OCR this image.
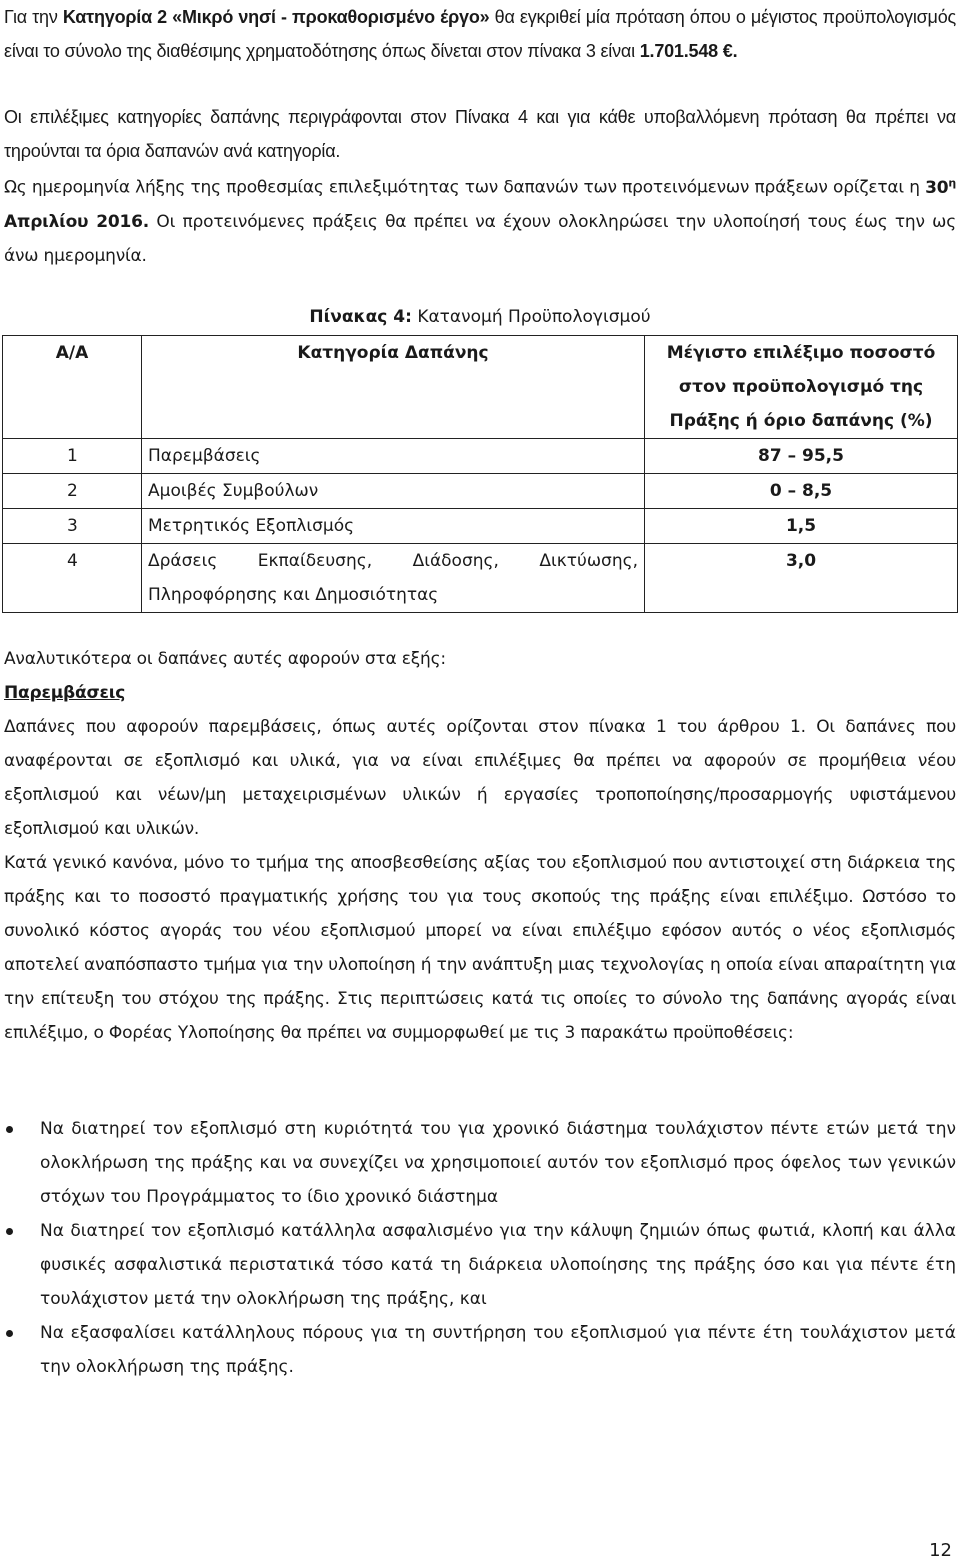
Για την Κατηγορία 2 «Μικρό νησί - προκαθορισμένο έργο» θα εγκριθεί μία πρόταση όπου ο μέγιστος προϋπολογισμός είναι το σύνολο της διαθέσιμης χρηματοδότησης όπως δίνεται στον πίνακα 3 είναι 1.701.548 €.
Οι επιλέξιμες κατηγορίες δαπάνης περιγράφονται στον Πίνακα 4 και για κάθε υποβαλλόμενη πρόταση θα πρέπει να τηρούνται τα όρια δαπανών ανά κατηγορία.
Ως ημερομηνία λήξης της προθεσμίας επιλεξιμότητας των δαπανών των προτεινόμενων πράξεων ορίζεται η $30^\eta$ Απριλίου 2016. Οι προτεινόμενες πράξεις θα πρέπει να έχουν ολοκληρώσει την υλοποίησή τους έως την ως άνω ημερομηνία.
Πίνακας 4: Κατανομή Προϋπολογισμού
Α/Α	Κατηγορία Δαπάνης	Μέγιστο επιλέξιμο ποσοστό στον προϋπολογισμό της Πράξης ή όριο δαπάνης (%)
1	Παρεμβάσεις	87 – 95,5
2	Αμοιβές Συμβούλων	0 – 8,5
3	Μετρητικός Εξοπλισμός	1,5
4	Δράσεις Εκπαίδευσης, Διάδοσης, Δικτύωσης, Πληροφόρησης και Δημοσιότητας	3,0
Αναλυτικότερα οι δαπάνες αυτές αφορούν στα εξής:
Παρεμβάσεις
Δαπάνες που αφορούν παρεμβάσεις, όπως αυτές ορίζονται στον πίνακα 1 του άρθρου 1. Οι δαπάνες που αναφέρονται σε εξοπλισμό και υλικά, για να είναι επιλέξιμες θα πρέπει να αφορούν σε προμήθεια νέου εξοπλισμού και νέων/μη μεταχειρισμένων υλικών ή εργασίες τροποποίησης/προσαρμογής υφιστάμενου εξοπλισμού και υλικών.
Κατά γενικό κανόνα, μόνο το τμήμα της αποσβεσθείσης αξίας του εξοπλισμού που αντιστοιχεί στη διάρκεια της πράξης και το ποσοστό πραγματικής χρήσης του για τους σκοπούς της πράξης είναι επιλέξιμο. Ωστόσο το συνολικό κόστος αγοράς του νέου εξοπλισμού μπορεί να είναι επιλέξιμο εφόσον αυτός ο νέος εξοπλισμός αποτελεί αναπόσπαστο τμήμα για την υλοποίηση ή την ανάπτυξη μιας τεχνολογίας η οποία είναι απαραίτητη για την επίτευξη του στόχου της πράξης. Στις περιπτώσεις κατά τις οποίες το σύνολο της δαπάνης αγοράς είναι επιλέξιμο, ο Φορέας Υλοποίησης θα πρέπει να συμμορφωθεί με τις 3 παρακάτω προϋποθέσεις:
Να διατηρεί τον εξοπλισμό στη κυριότητά του για χρονικό διάστημα τουλάχιστον πέντε ετών μετά την ολοκλήρωση της πράξης και να συνεχίζει να χρησιμοποιεί αυτόν τον εξοπλισμό προς όφελος των γενικών στόχων του Προγράμματος το ίδιο χρονικό διάστημα
Να διατηρεί τον εξοπλισμό κατάλληλα ασφαλισμένο για την κάλυψη ζημιών όπως φωτιά, κλοπή και άλλα φυσικές ασφαλιστικά περιστατικά τόσο κατά τη διάρκεια υλοποίησης της πράξης όσο και για πέντε έτη τουλάχιστον μετά την ολοκλήρωση της πράξης, και
Να εξασφαλίσει κατάλληλους πόρους για τη συντήρηση του εξοπλισμού για πέντε έτη τουλάχιστον μετά την ολοκλήρωση της πράξης.
12
